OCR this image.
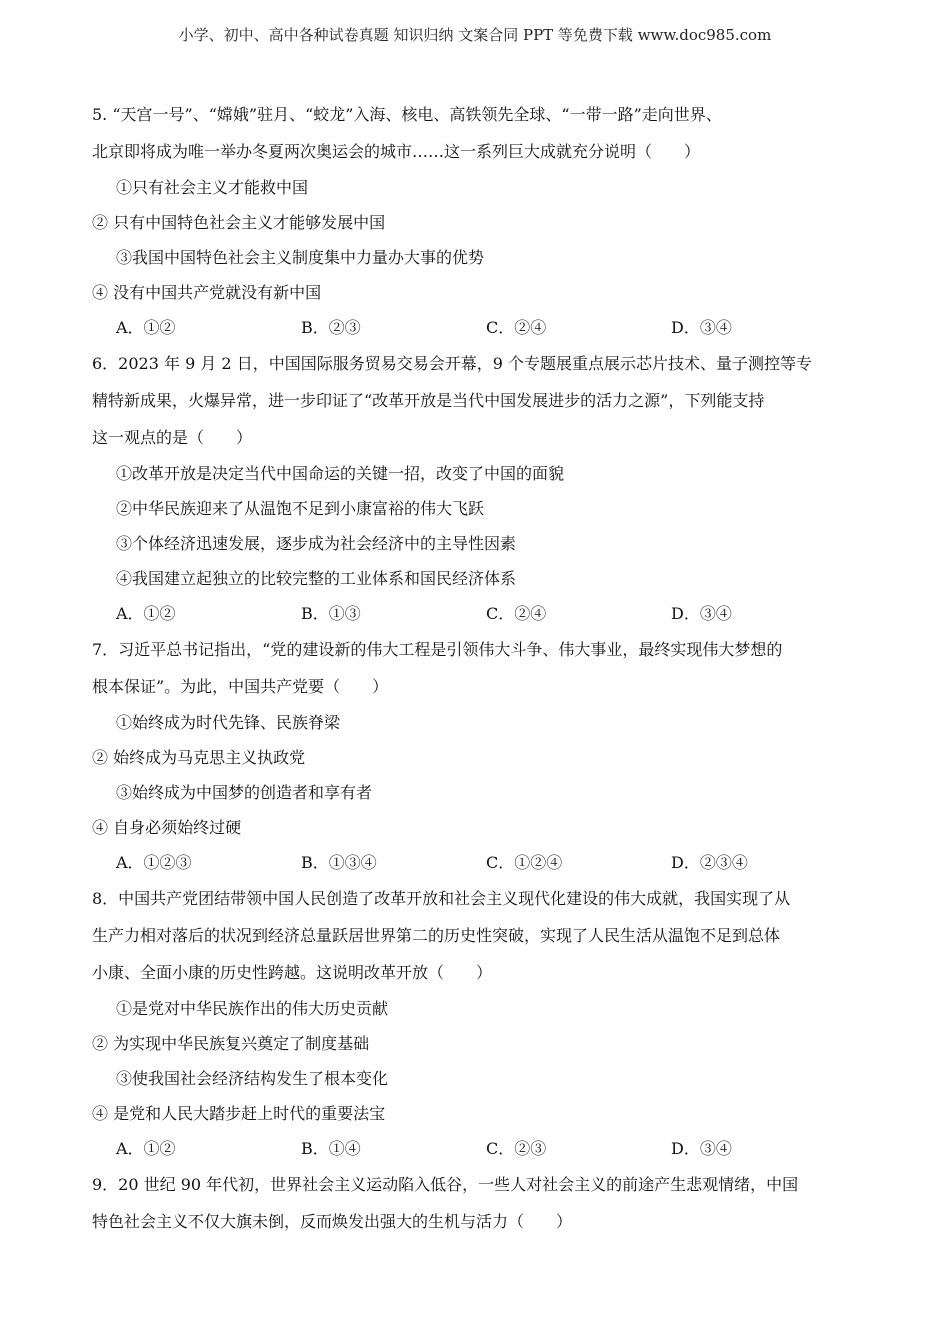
小学、初中、高中各种试卷真题 知识归纳 文案合同 PPT 等免费下载 www.doc985.com
5. “天宫一号”、“嫦娥”驻月、“蛟龙”入海、核电、高铁领先全球、“一带一路”走向世界、
北京即将成为唯一举办冬夏两次奥运会的城市……这一系列巨大成就充分说明（　　）
①只有社会主义才能救中国
② 只有中国特色社会主义才能够发展中国
③我国中国特色社会主义制度集中力量办大事的优势
④ 没有中国共产党就没有新中国
A．①②	B．②③	C．②④	D．③④
6．2023 年 9 月 2 日，中国国际服务贸易交易会开幕，9 个专题展重点展示芯片技术、量子测控等专
精特新成果，火爆异常，进一步印证了“改革开放是当代中国发展进步的活力之源”，下列能支持
这一观点的是（　　）
①改革开放是决定当代中国命运的关键一招，改变了中国的面貌
②中华民族迎来了从温饱不足到小康富裕的伟大飞跃
③个体经济迅速发展，逐步成为社会经济中的主导性因素
④我国建立起独立的比较完整的工业体系和国民经济体系
A．①②	B．①③	C．②④	D．③④
7．习近平总书记指出，“党的建设新的伟大工程是引领伟大斗争、伟大事业，最终实现伟大梦想的
根本保证”。为此，中国共产党要（　　）
①始终成为时代先锋、民族脊梁
② 始终成为马克思主义执政党
③始终成为中国梦的创造者和享有者
④ 自身必须始终过硬
A．①②③	B．①③④	C．①②④	D．②③④
8．中国共产党团结带领中国人民创造了改革开放和社会主义现代化建设的伟大成就，我国实现了从
生产力相对落后的状况到经济总量跃居世界第二的历史性突破，实现了人民生活从温饱不足到总体
小康、全面小康的历史性跨越。这说明改革开放（　　）
①是党对中华民族作出的伟大历史贡献
② 为实现中华民族复兴奠定了制度基础
③使我国社会经济结构发生了根本变化
④ 是党和人民大踏步赶上时代的重要法宝
A．①②	B．①④	C．②③	D．③④
9．20 世纪 90 年代初，世界社会主义运动陷入低谷，一些人对社会主义的前途产生悲观情绪，中国
特色社会主义不仅大旗未倒，反而焕发出强大的生机与活力（　　）
